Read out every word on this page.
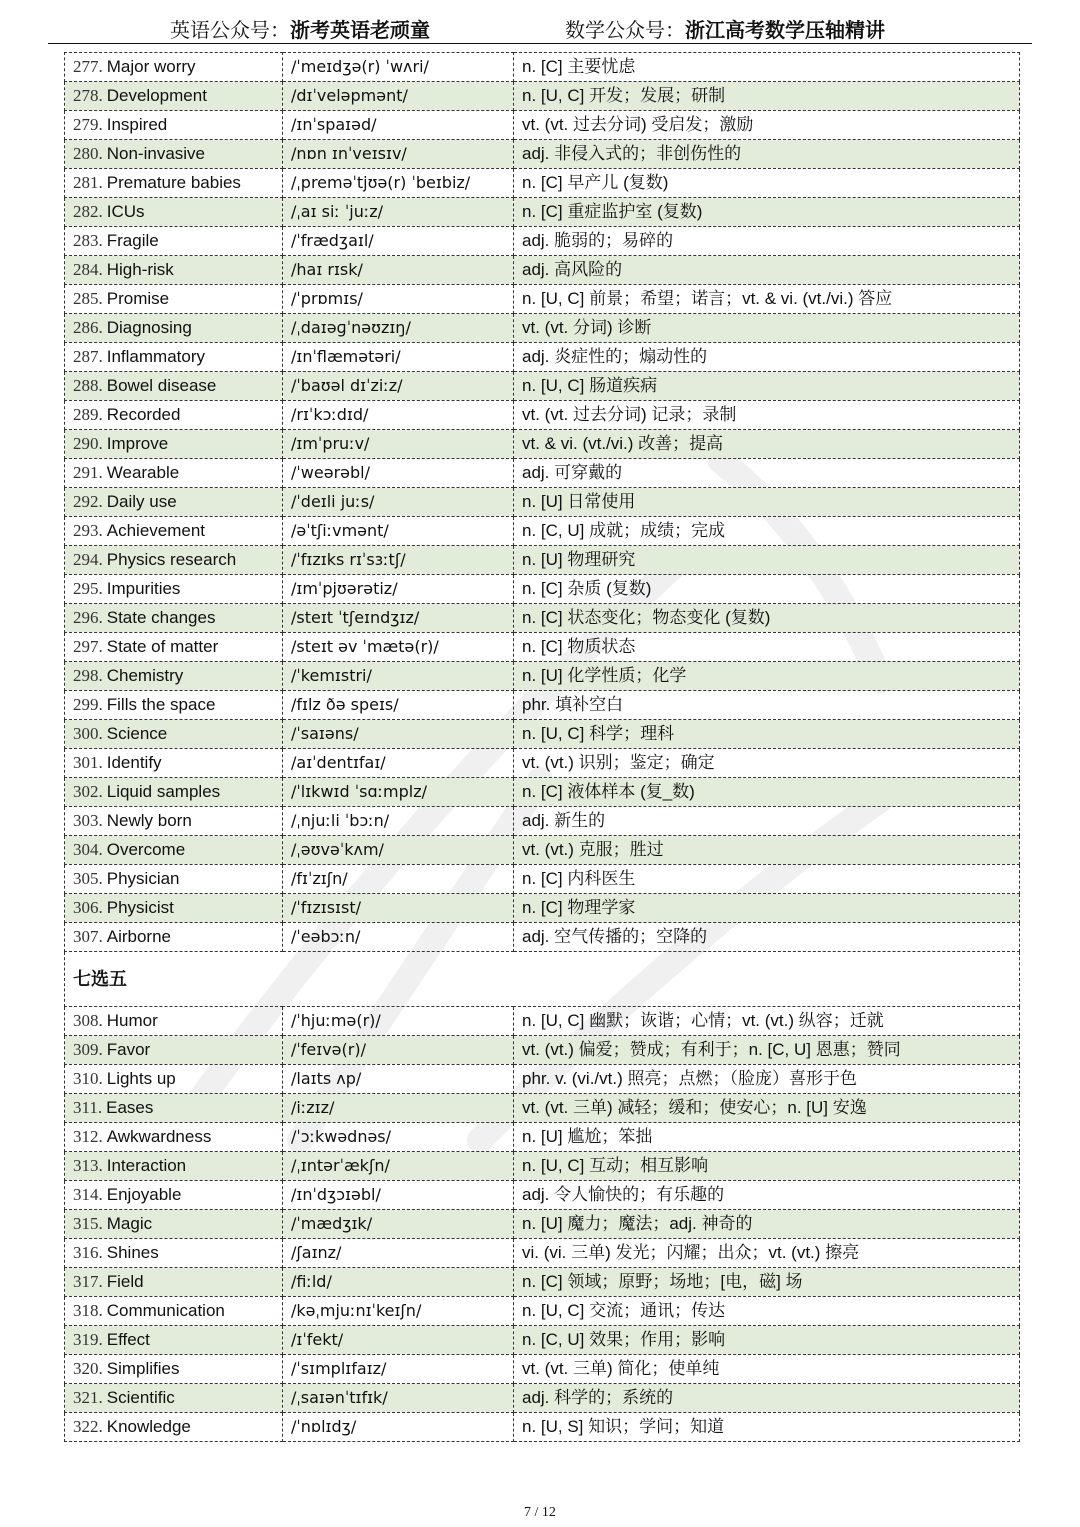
英语公众号：浙考英语老顽童	数学公众号：浙江高考数学压轴精讲
277. Major worry	/ˈmeɪdʒə(r) ˈwʌri/	n. [C] 主要忧虑
278. Development	/dɪˈveləpmənt/	n. [U, C] 开发；发展；研制
279. Inspired	/ɪnˈspaɪəd/	vt. (vt. 过去分词) 受启发；激励
280. Non-invasive	/nɒn ɪnˈveɪsɪv/	adj. 非侵入式的；非创伤性的
281. Premature babies	/ˌpreməˈtjʊə(r) ˈbeɪbiz/	n. [C] 早产儿 (复数)
282. ICUs	/ˌaɪ siː ˈjuːz/	n. [C] 重症监护室 (复数)
283. Fragile	/ˈfrædʒaɪl/	adj. 脆弱的；易碎的
284. High-risk	/haɪ rɪsk/	adj. 高风险的
285. Promise	/ˈprɒmɪs/	n. [U, C] 前景；希望；诺言；vt. & vi. (vt./vi.) 答应
286. Diagnosing	/ˌdaɪəɡˈnəʊzɪŋ/	vt. (vt. 分词) 诊断
287. Inflammatory	/ɪnˈflæmətəri/	adj. 炎症性的；煽动性的
288. Bowel disease	/ˈbaʊəl dɪˈziːz/	n. [U, C] 肠道疾病
289. Recorded	/rɪˈkɔːdɪd/	vt. (vt. 过去分词) 记录；录制
290. Improve	/ɪmˈpruːv/	vt. & vi. (vt./vi.) 改善；提高
291. Wearable	/ˈweərəbl/	adj. 可穿戴的
292. Daily use	/ˈdeɪli juːs/	n. [U] 日常使用
293. Achievement	/əˈtʃiːvmənt/	n. [C, U] 成就；成绩；完成
294. Physics research	/ˈfɪzɪks rɪˈsɜːtʃ/	n. [U] 物理研究
295. Impurities	/ɪmˈpjʊərətiz/	n. [C] 杂质 (复数)
296. State changes	/steɪt ˈtʃeɪndʒɪz/	n. [C] 状态变化；物态变化 (复数)
297. State of matter	/steɪt əv ˈmætə(r)/	n. [C] 物质状态
298. Chemistry	/ˈkemɪstri/	n. [U] 化学性质；化学
299. Fills the space	/fɪlz ðə speɪs/	phr. 填补空白
300. Science	/ˈsaɪəns/	n. [U, C] 科学；理科
301. Identify	/aɪˈdentɪfaɪ/	vt. (vt.) 识别；鉴定；确定
302. Liquid samples	/ˈlɪkwɪd ˈsɑːmplz/	n. [C] 液体样本 (复_数)
303. Newly born	/ˌnjuːli ˈbɔːn/	adj. 新生的
304. Overcome	/ˌəʊvəˈkʌm/	vt. (vt.) 克服；胜过
305. Physician	/fɪˈzɪʃn/	n. [C] 内科医生
306. Physicist	/ˈfɪzɪsɪst/	n. [C] 物理学家
307. Airborne	/ˈeəbɔːn/	adj. 空气传播的；空降的
七选五		
308. Humor	/ˈhjuːmə(r)/	n. [U, C] 幽默；诙谐；心情；vt. (vt.) 纵容；迁就
309. Favor	/ˈfeɪvə(r)/	vt. (vt.) 偏爱；赞成；有利于；n. [C, U] 恩惠；赞同
310. Lights up	/laɪts ʌp/	phr. v. (vi./vt.) 照亮；点燃；（脸庞）喜形于色
311. Eases	/iːzɪz/	vt. (vt. 三单) 减轻；缓和；使安心；n. [U] 安逸
312. Awkwardness	/ˈɔːkwədnəs/	n. [U] 尴尬；笨拙
313. Interaction	/ˌɪntərˈækʃn/	n. [U, C] 互动；相互影响
314. Enjoyable	/ɪnˈdʒɔɪəbl/	adj. 令人愉快的；有乐趣的
315. Magic	/ˈmædʒɪk/	n. [U] 魔力；魔法；adj. 神奇的
316. Shines	/ʃaɪnz/	vi. (vi. 三单) 发光；闪耀；出众；vt. (vt.) 擦亮
317. Field	/fiːld/	n. [C] 领域；原野；场地；[电，磁] 场
318. Communication	/kəˌmjuːnɪˈkeɪʃn/	n. [U, C] 交流；通讯；传达
319. Effect	/ɪˈfekt/	n. [C, U] 效果；作用；影响
320. Simplifies	/ˈsɪmplɪfaɪz/	vt. (vt. 三单) 简化；使单纯
321. Scientific	/ˌsaɪənˈtɪfɪk/	adj. 科学的；系统的
322. Knowledge	/ˈnɒlɪdʒ/	n. [U, S] 知识；学问；知道
7 / 12
